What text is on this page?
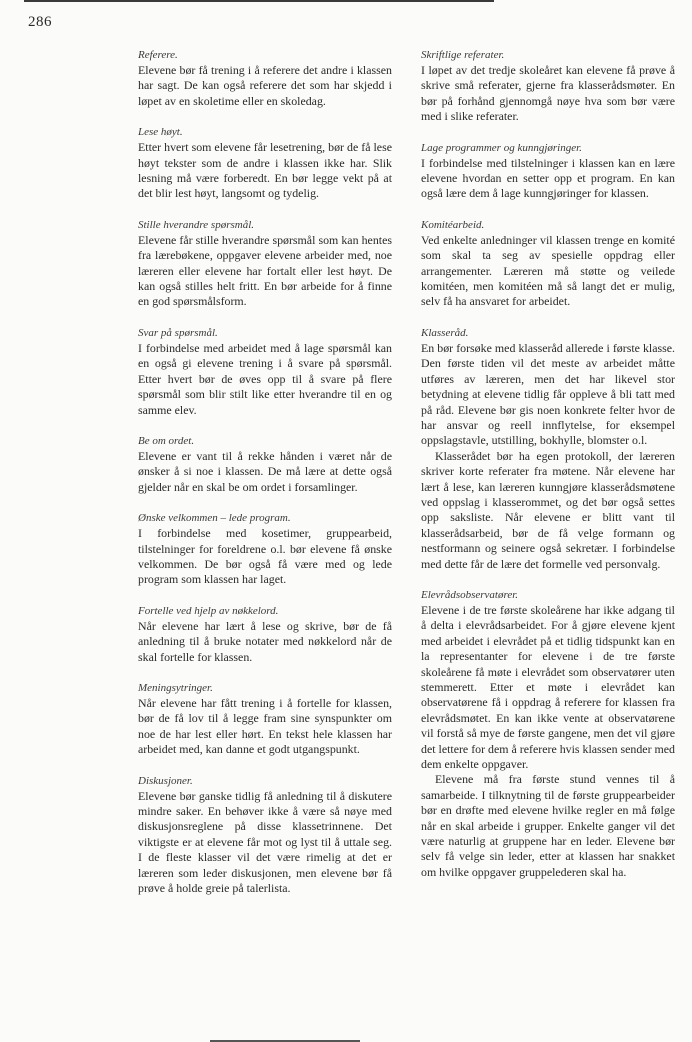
286

Referere.

Elevene bør få trening i å referere det andre i klassen har sagt. De kan også referere det som har skjedd i løpet av en skoletime eller en skoledag.

Lese høyt.

Etter hvert som elevene får lesetrening, bør de få lese høyt tekster som de andre i klassen ikke har. Slik lesning må være forberedt. En bør legge vekt på at det blir lest høyt, langsomt og tydelig.

Stille hverandre spørsmål.

Elevene får stille hverandre spørsmål som kan hentes fra lærebøkene, oppgaver elevene arbeider med, noe læreren eller elevene har fortalt eller lest høyt. De kan også stilles helt fritt. En bør arbeide for å finne en god spørsmålsform.

Svar på spørsmål.

I forbindelse med arbeidet med å lage spørsmål kan en også gi elevene trening i å svare på spørsmål. Etter hvert bør de øves opp til å svare på flere spørsmål som blir stilt like etter hverandre til en og samme elev.

Be om ordet.

Elevene er vant til å rekke hånden i været når de ønsker å si noe i klassen. De må lære at dette også gjelder når en skal be om ordet i forsamlinger.

Ønske velkommen – lede program.

I forbindelse med kosetimer, gruppearbeid, tilstelninger for foreldrene o.l. bør elevene få ønske velkommen. De bør også få være med og lede program som klassen har laget.

Fortelle ved hjelp av nøkkelord.

Når elevene har lært å lese og skrive, bør de få anledning til å bruke notater med nøkkelord når de skal fortelle for klassen.

Meningsytringer.

Når elevene har fått trening i å fortelle for klassen, bør de få lov til å legge fram sine synspunkter om noe de har lest eller hørt. En tekst hele klassen har arbeidet med, kan danne et godt utgangspunkt.

Diskusjoner.

Elevene bør ganske tidlig få anledning til å diskutere mindre saker. En behøver ikke å være så nøye med diskusjonsreglene på disse klassetrinnene. Det viktigste er at elevene får mot og lyst til å uttale seg. I de fleste klasser vil det være rimelig at det er læreren som leder diskusjonen, men elevene bør få prøve å holde greie på talerlista.

Skriftlige referater.

I løpet av det tredje skoleåret kan elevene få prøve å skrive små referater, gjerne fra klasserådsmøter. En bør på forhånd gjennomgå nøye hva som bør være med i slike referater.

Lage programmer og kunngjøringer.

I forbindelse med tilstelninger i klassen kan en lære elevene hvordan en setter opp et program. En kan også lære dem å lage kunngjøringer for klassen.

Komitéarbeid.

Ved enkelte anledninger vil klassen trenge en komité som skal ta seg av spesielle oppdrag eller arrangementer. Læreren må støtte og veilede komitéen, men komitéen må så langt det er mulig, selv få ha ansvaret for arbeidet.

Klasseråd.

En bør forsøke med klasseråd allerede i første klasse. Den første tiden vil det meste av arbeidet måtte utføres av læreren, men det har likevel stor betydning at elevene tidlig får oppleve å bli tatt med på råd. Elevene bør gis noen konkrete felter hvor de har ansvar og reell innflytelse, for eksempel oppslagstavle, utstilling, bokhylle, blomster o.l.

Klasserådet bør ha egen protokoll, der læreren skriver korte referater fra møtene. Når elevene har lært å lese, kan læreren kunngjøre klasserådsmøtene ved oppslag i klasserommet, og det bør også settes opp saksliste. Når elevene er blitt vant til klasserådsarbeid, bør de få velge formann og nestformann og seinere også sekretær. I forbindelse med dette får de lære det formelle ved personvalg.

Elevrådsobservatører.

Elevene i de tre første skoleårene har ikke adgang til å delta i elevrådsarbeidet. For å gjøre elevene kjent med arbeidet i elevrådet på et tidlig tidspunkt kan en la representanter for elevene i de tre første skoleårene få møte i elevrådet som observatører uten stemmerett. Etter et møte i elevrådet kan observatørene få i oppdrag å referere for klassen fra elevrådsmøtet. En kan ikke vente at observatørene vil forstå så mye de første gangene, men det vil gjøre det lettere for dem å referere hvis klassen sender med dem enkelte oppgaver.

Elevene må fra første stund vennes til å samarbeide. I tilknytning til de første gruppearbeider bør en drøfte med elevene hvilke regler en må følge når en skal arbeide i grupper. Enkelte ganger vil det være naturlig at gruppene har en leder. Elevene bør selv få velge sin leder, etter at klassen har snakket om hvilke oppgaver gruppelederen skal ha.
